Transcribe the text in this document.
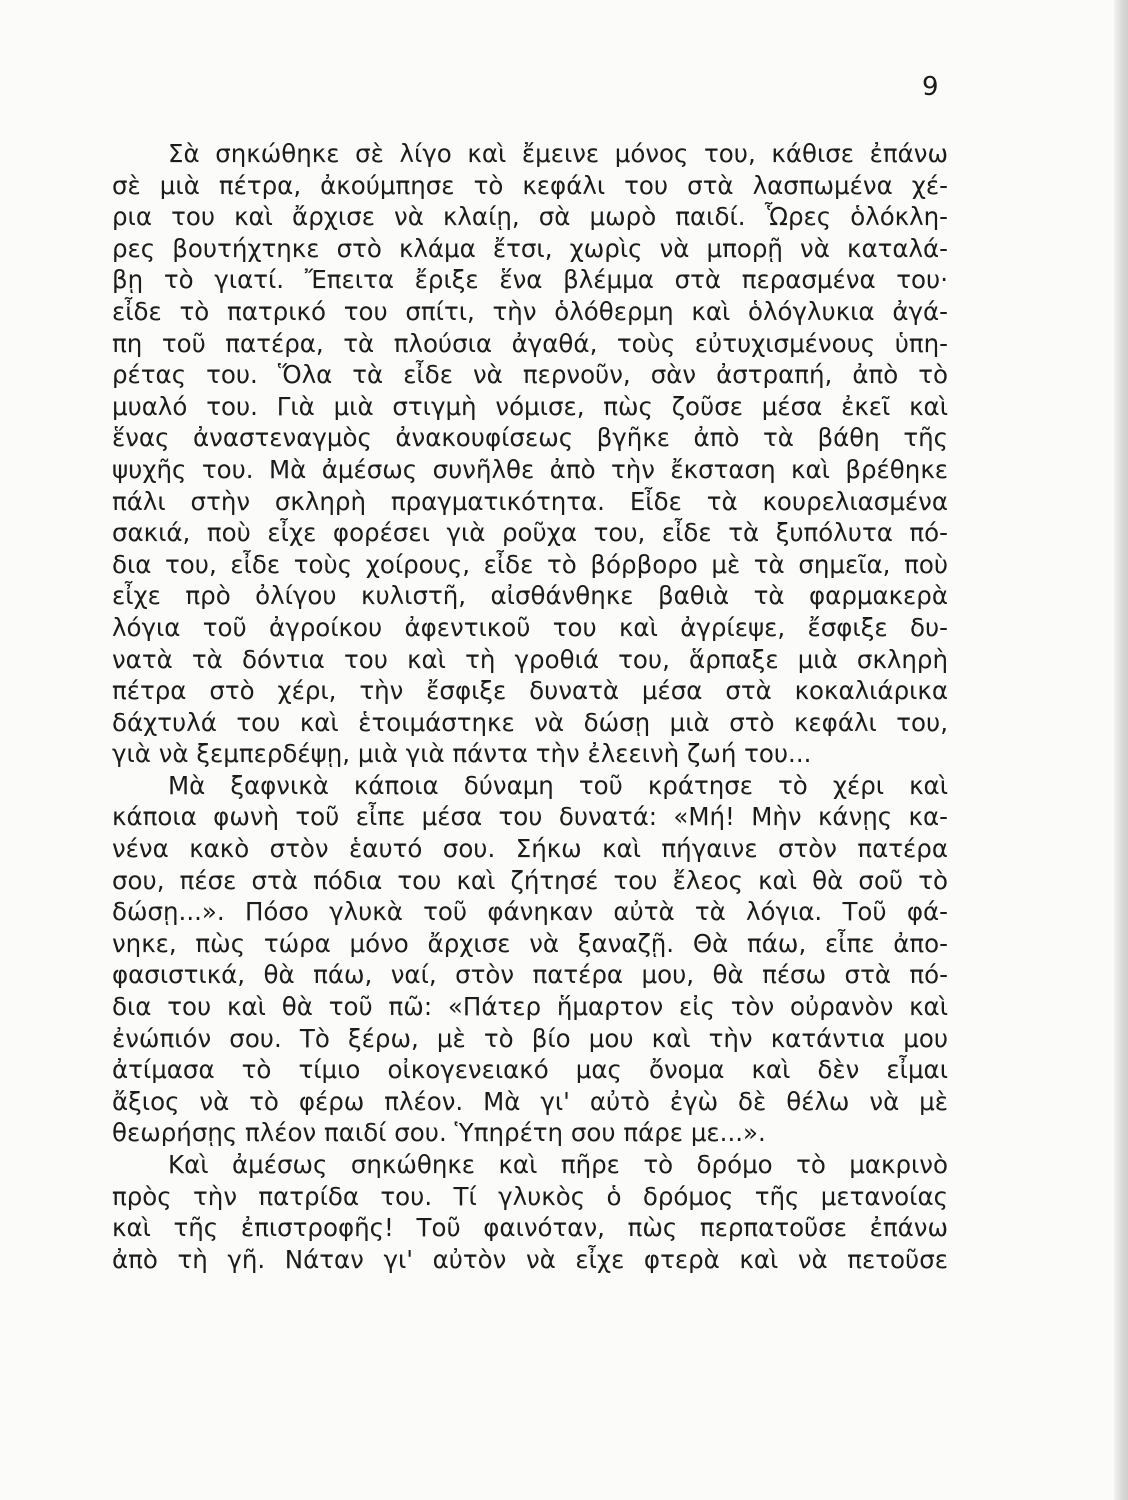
9
Σὰ σηκώθηκε σὲ λίγο καὶ ἔμεινε μόνος του, κάθισε ἐπάνω
σὲ μιὰ πέτρα, ἀκούμπησε τὸ κεφάλι του στὰ λασπωμένα χέ-
ρια του καὶ ἄρχισε νὰ κλαίῃ, σὰ μωρὸ παιδί. Ὧρες ὁλόκλη-
ρες βουτήχτηκε στὸ κλάμα ἔτσι, χωρὶς νὰ μπορῇ νὰ καταλά-
βῃ τὸ γιατί. Ἔπειτα ἔριξε ἕνα βλέμμα στὰ περασμένα του·
εἶδε τὸ πατρικό του σπίτι, τὴν ὁλόθερμη καὶ ὁλόγλυκια ἀγά-
πη τοῦ πατέρα, τὰ πλούσια ἀγαθά, τοὺς εὐτυχισμένους ὑπη-
ρέτας του. Ὅλα τὰ εἶδε νὰ περνοῦν, σὰν ἀστραπή, ἀπὸ τὸ
μυαλό του. Γιὰ μιὰ στιγμὴ νόμισε, πὼς ζοῦσε μέσα ἐκεῖ καὶ
ἕνας ἀναστεναγμὸς ἀνακουφίσεως βγῆκε ἀπὸ τὰ βάθη τῆς
ψυχῆς του. Μὰ ἀμέσως συνῆλθε ἀπὸ τὴν ἔκσταση καὶ βρέθηκε
πάλι στὴν σκληρὴ πραγματικότητα. Εἶδε τὰ κουρελιασμένα
σακιά, ποὺ εἶχε φορέσει γιὰ ροῦχα του, εἶδε τὰ ξυπόλυτα πό-
δια του, εἶδε τοὺς χοίρους, εἶδε τὸ βόρβορο μὲ τὰ σημεῖα, ποὺ
εἶχε πρὸ ὀλίγου κυλιστῆ, αἰσθάνθηκε βαθιὰ τὰ φαρμακερὰ
λόγια τοῦ ἀγροίκου ἀφεντικοῦ του καὶ ἀγρίεψε, ἔσφιξε δυ-
νατὰ τὰ δόντια του καὶ τὴ γροθιά του, ἅρπαξε μιὰ σκληρὴ
πέτρα στὸ χέρι, τὴν ἔσφιξε δυνατὰ μέσα στὰ κοκαλιάρικα
δάχτυλά του καὶ ἑτοιμάστηκε νὰ δώσῃ μιὰ στὸ κεφάλι του,
γιὰ νὰ ξεμπερδέψῃ, μιὰ γιὰ πάντα τὴν ἐλεεινὴ ζωή του...
Μὰ ξαφνικὰ κάποια δύναμη τοῦ κράτησε τὸ χέρι καὶ
κάποια φωνὴ τοῦ εἶπε μέσα του δυνατά: «Μή! Μὴν κάνῃς κα-
νένα κακὸ στὸν ἑαυτό σου. Σήκω καὶ πήγαινε στὸν πατέρα
σου, πέσε στὰ πόδια του καὶ ζήτησέ του ἔλεος καὶ θὰ σοῦ τὸ
δώσῃ...». Πόσο γλυκὰ τοῦ φάνηκαν αὐτὰ τὰ λόγια. Τοῦ φά-
νηκε, πὼς τώρα μόνο ἄρχισε νὰ ξαναζῇ. Θὰ πάω, εἶπε ἀπο-
φασιστικά, θὰ πάω, ναί, στὸν πατέρα μου, θὰ πέσω στὰ πό-
δια του καὶ θὰ τοῦ πῶ: «Πάτερ ἥμαρτον εἰς τὸν οὐρανὸν καὶ
ἐνώπιόν σου. Τὸ ξέρω, μὲ τὸ βίο μου καὶ τὴν κατάντια μου
ἀτίμασα τὸ τίμιο οἰκογενειακό μας ὄνομα καὶ δὲν εἶμαι
ἄξιος νὰ τὸ φέρω πλέον. Μὰ γι' αὐτὸ ἐγὼ δὲ θέλω νὰ μὲ
θεωρήσῃς πλέον παιδί σου. Ὑπηρέτη σου πάρε με...».
Καὶ ἀμέσως σηκώθηκε καὶ πῆρε τὸ δρόμο τὸ μακρινὸ
πρὸς τὴν πατρίδα του. Τί γλυκὸς ὁ δρόμος τῆς μετανοίας
καὶ τῆς ἐπιστροφῆς! Τοῦ φαινόταν, πὼς περπατοῦσε ἐπάνω
ἀπὸ τὴ γῆ. Νάταν γι' αὐτὸν νὰ εἶχε φτερὰ καὶ νὰ πετοῦσε
